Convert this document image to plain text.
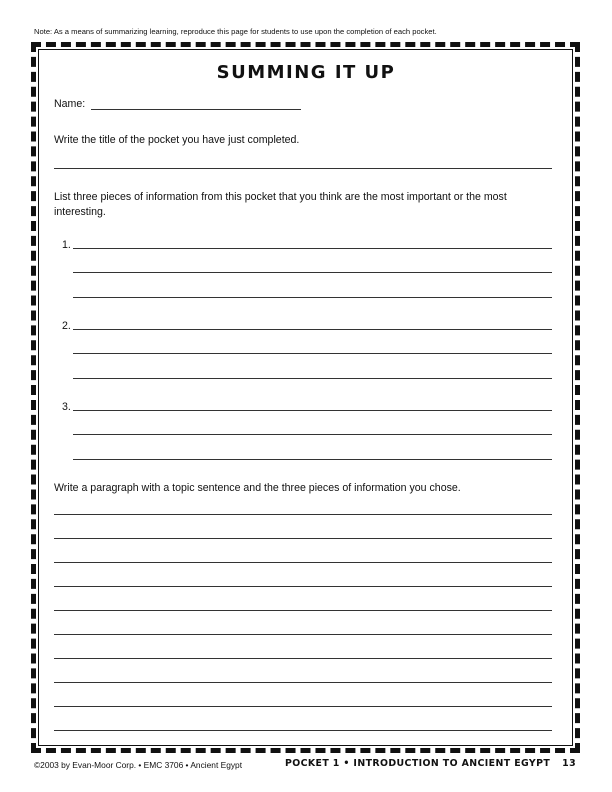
Note: As a means of summarizing learning, reproduce this page for students to use upon the completion of each pocket.
SUMMING IT UP
Name:
Write the title of the pocket you have just completed.
List three pieces of information from this pocket that you think are the most important or the most interesting.
1.
2.
3.
Write a paragraph with a topic sentence and the three pieces of information you chose.
©2003 by Evan-Moor Corp. • EMC 3706 • Ancient Egypt	POCKET 1 • INTRODUCTION TO ANCIENT EGYPT 13
